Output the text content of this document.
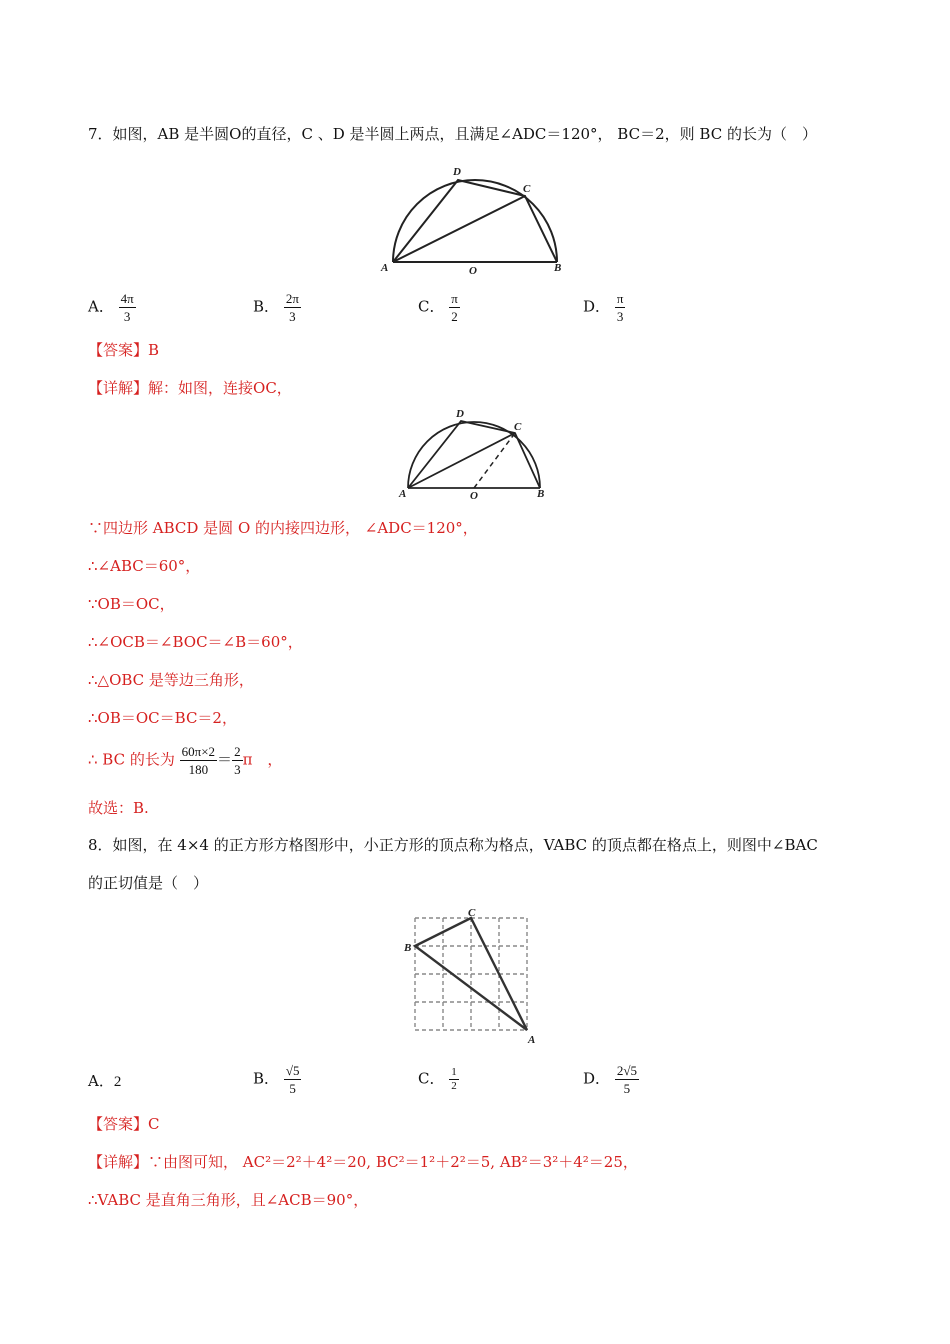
7．如图，AB 是半圆O的直径，C 、D 是半圆上两点，且满足∠ADC＝120°， BC＝2，则 BC 的长为（　）
A	B
C
D
O
A． $\frac{4\pi}{3}$	B． $\frac{2\pi}{3}$	C． $\frac{\pi}{2}$	D． $\frac{\pi}{3}$
【答案】B
【详解】解：如图，连接OC，
A	B
C
D
O
∵四边形 ABCD 是圆 O 的内接四边形， ∠ADC＝120°，
∴∠ABC＝60°，
∵OB＝OC，
∴∠OCB＝∠BOC＝∠B＝60°，
∴△OBC 是等边三角形，
∴OB＝OC＝BC＝2，
∴ BC 的长为 $\frac{60\pi\times 2}{180} = \frac{2}{3}$ π　，
故选：B.
8．如图，在 4×4 的正方形方格图形中，小正方形的顶点称为格点，VABC 的顶点都在格点上，则图中∠BAC
的正切值是（　）
B
C
A
A．2	B． $\frac{√5}{5}$	C． $\frac{1}{2}$	D． $\frac{2√5}{5}$
【答案】C
【详解】∵由图可知， AC²＝2²＋4²＝20, BC²＝1²＋2²＝5, AB²＝3²＋4²＝25，
∴VABC 是直角三角形，且∠ACB＝90°，
